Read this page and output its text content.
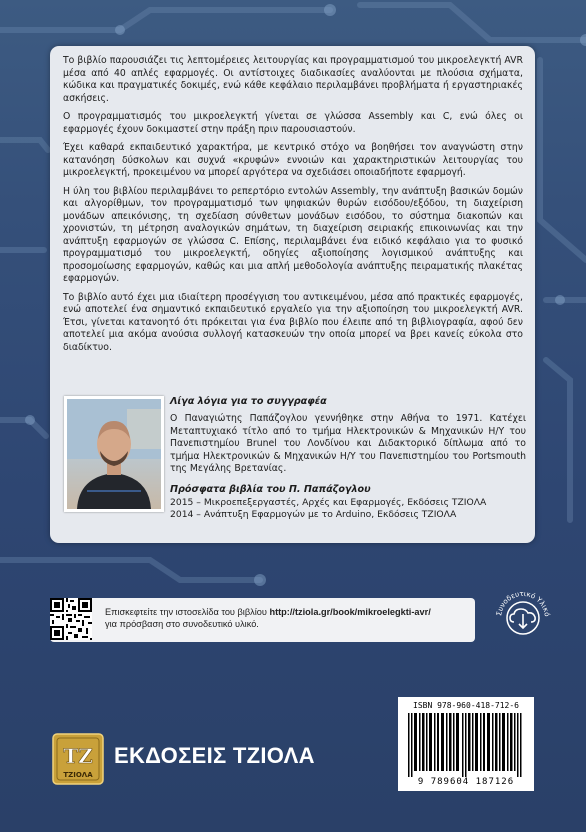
Το βιβλίο παρουσιάζει τις λεπτομέρειες λειτουργίας και προγραμματισμού του μικροελεγκτή AVR μέσα από 40 απλές εφαρμογές. Οι αντίστοιχες διαδικασίες αναλύονται με πλούσια σχήματα, κώδικα και πραγματικές δοκιμές, ενώ κάθε κεφάλαιο περιλαμβάνει προβλήματα ή εργαστηριακές ασκήσεις.

Ο προγραμματισμός του μικροελεγκτή γίνεται σε γλώσσα Assembly και C, ενώ όλες οι εφαρμογές έχουν δοκιμαστεί στην πράξη πριν παρουσιαστούν.

Έχει καθαρά εκπαιδευτικό χαρακτήρα, με κεντρικό στόχο να βοηθήσει τον αναγνώστη στην κατανόηση δύσκολων και συχνά «κρυφών» εννοιών και χαρακτηριστικών λειτουργίας του μικροελεγκτή, προκειμένου να μπορεί αργότερα να σχεδιάσει οποιαδήποτε εφαρμογή.

Η ύλη του βιβλίου περιλαμβάνει το ρεπερτόριο εντολών Assembly, την ανάπτυξη βασικών δομών και αλγορίθμων, τον προγραμματισμό των ψηφιακών θυρών εισόδου/εξόδου, τη διαχείριση μονάδων απεικόνισης, τη σχεδίαση σύνθετων μονάδων εισόδου, το σύστημα διακοπών και χρονιστών, τη μέτρηση αναλογικών σημάτων, τη διαχείριση σειριακής επικοινωνίας και την ανάπτυξη εφαρμογών σε γλώσσα C. Επίσης, περιλαμβάνει ένα ειδικό κεφάλαιο για το φυσικό προγραμματισμό του μικροελεγκτή, οδηγίες αξιοποίησης λογισμικού ανάπτυξης και προσομοίωσης εφαρμογών, καθώς και μια απλή μεθοδολογία ανάπτυξης πειραματικής πλακέτας εφαρμογών.

Το βιβλίο αυτό έχει μια ιδιαίτερη προσέγγιση του αντικειμένου, μέσα από πρακτικές εφαρμογές, ενώ αποτελεί ένα σημαντικό εκπαιδευτικό εργαλείο για την αξιοποίηση του μικροελεγκτή AVR. Έτσι, γίνεται κατανοητό ότι πρόκειται για ένα βιβλίο που έλειπε από τη βιβλιογραφία, αφού δεν αποτελεί μια ακόμα ανούσια συλλογή κατασκευών την οποία μπορεί να βρει κανείς εύκολα στο διαδίκτυο.

Λίγα λόγια για το συγγραφέα

Ο Παναγιώτης Παπάζογλου γεννήθηκε στην Αθήνα το 1971. Κατέχει Μεταπτυχιακό τίτλο από το τμήμα Ηλεκτρονικών & Μηχανικών Η/Υ του Πανεπιστημίου Brunel του Λονδίνου και Διδακτορικό δίπλωμα από το τμήμα Ηλεκτρονικών & Μηχανικών Η/Υ του Πανεπιστημίου του Portsmouth της Μεγάλης Βρετανίας.

Πρόσφατα βιβλία του Π. Παπάζογλου

2015 – Μικροεπεξεργαστές, Αρχές και Εφαρμογές, Εκδόσεις ΤΖΙΟΛΑ

2014 – Ανάπτυξη Εφαρμογών με το Arduino, Εκδόσεις ΤΖΙΟΛΑ

Επισκεφτείτε την ιστοσελίδα του βιβλίου http://tziola.gr/book/mikroelegkti-avr/
για πρόσβαση στο συνοδευτικό υλικό.
Συνοδευτικό Υλικό
ISBN 978-960-418-712-6
9 789604 187126
ΤΖ
ΤΖΙΟΛΑ
ΕΚΔΟΣΕΙΣ ΤΖΙΟΛΑ
